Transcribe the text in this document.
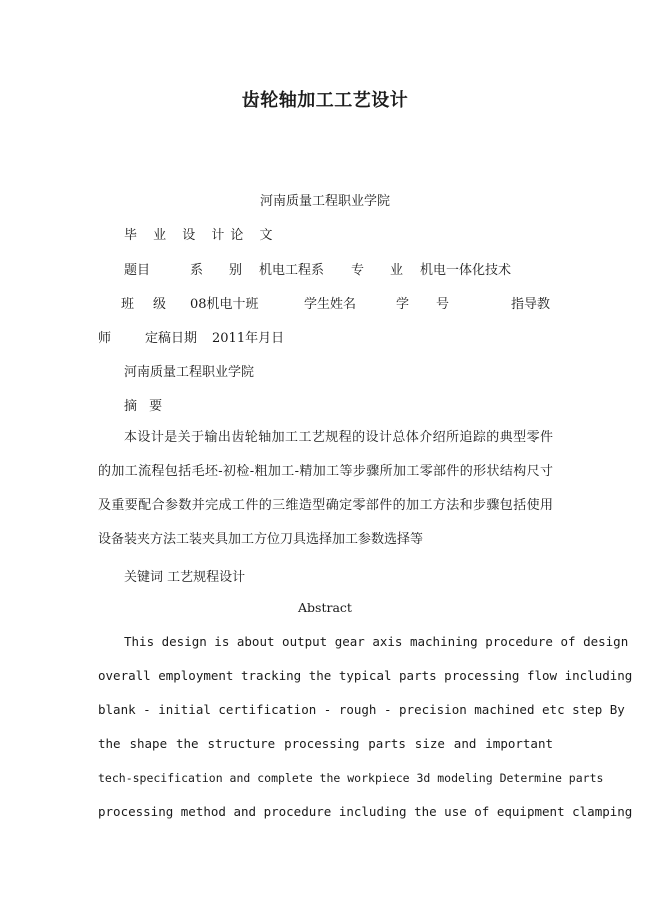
齿轮轴加工工艺设计
河南质量工程职业学院
毕 业 设 计论 文
题目	系 别 机电工程系 专 业 机电一体化技术
班 级 08机电十班	学生姓名	学 号	指导教
师	定稿日期 2011年月日
河南质量工程职业学院
摘 要
本设计是关于输出齿轮轴加工工艺规程的设计总体介绍所追踪的典型零件
的加工流程包括毛坯-初检-粗加工-精加工等步骤所加工零部件的形状结构尺寸
及重要配合参数并完成工件的三维造型确定零部件的加工方法和步骤包括使用
设备装夹方法工装夹具加工方位刀具选择加工参数选择等
关键词 工艺规程设计
Abstract
This design is about output gear axis machining procedure of design
overall employment tracking the typical parts processing flow including
blank - initial certification - rough - precision machined etc step By
the shape the structure processing parts size and important
tech-specification and complete the workpiece 3d modeling Determine parts
processing method and procedure including the use of equipment clamping
